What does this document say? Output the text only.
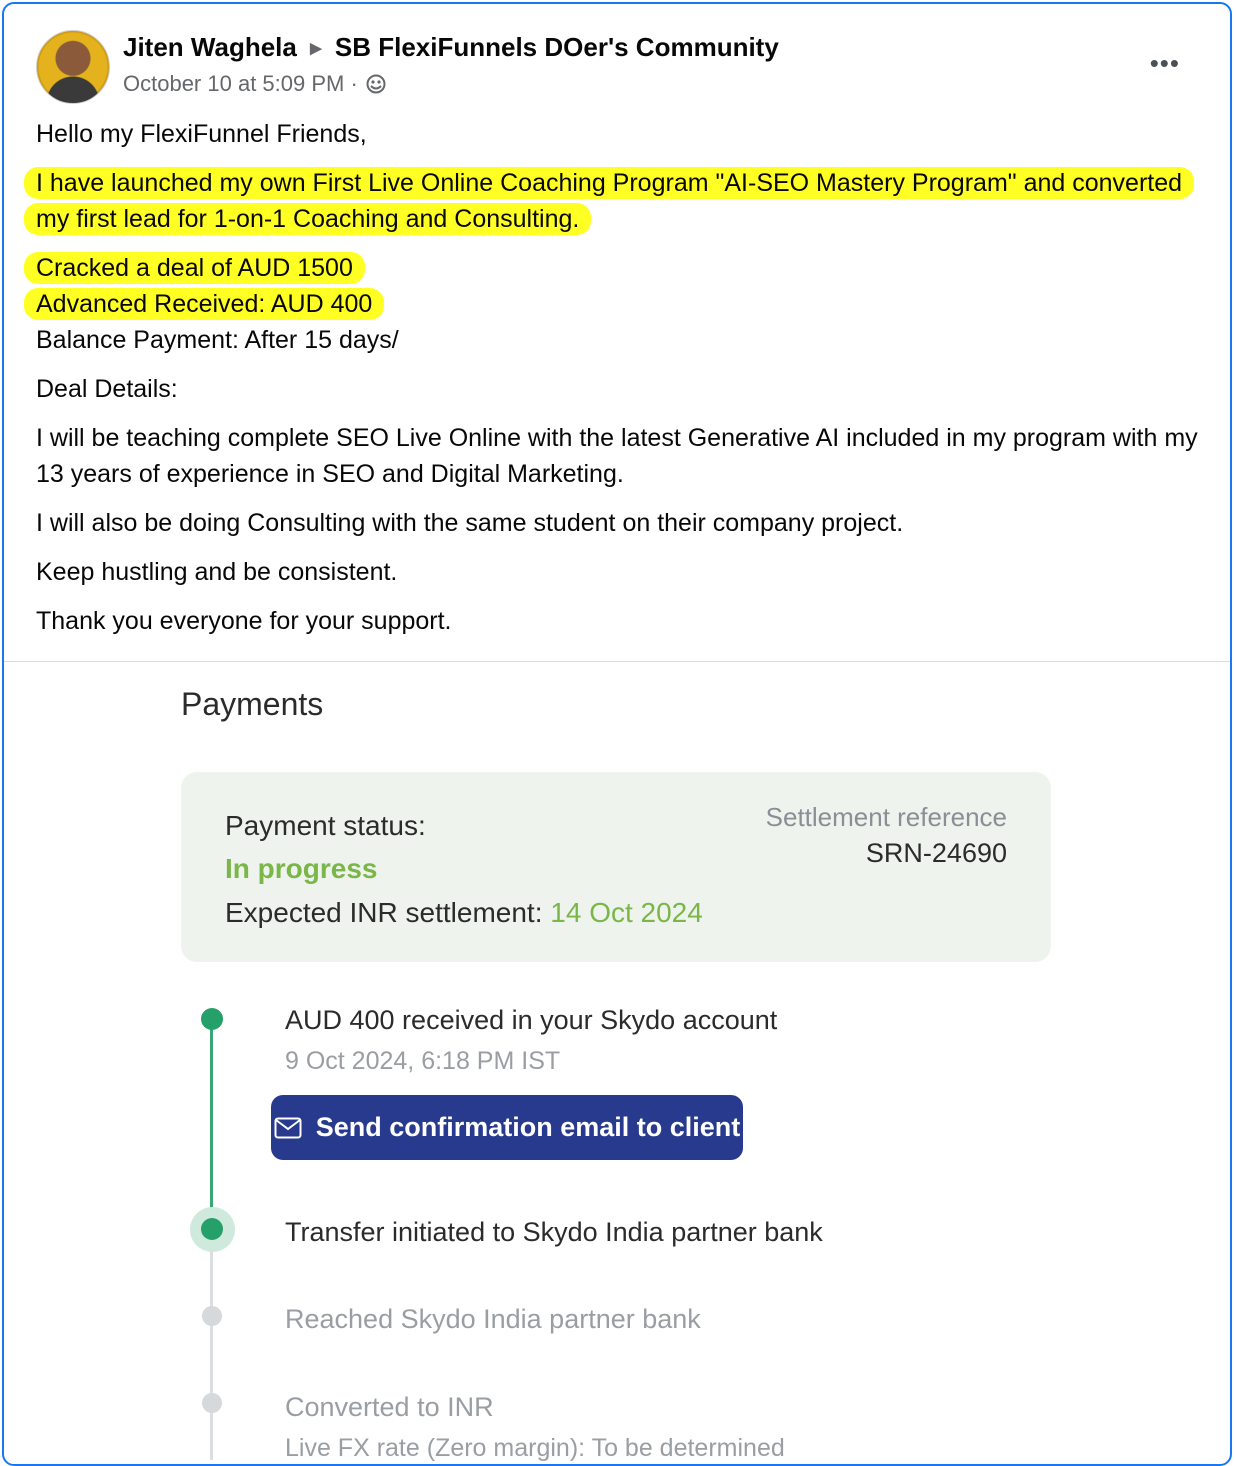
Jiten Waghela ▶ SB FlexiFunnels DOer's Community
October 10 at 5:09 PM ·
•••

Hello my FlexiFunnel Friends,

I have launched my own First Live Online Coaching Program "AI-SEO Mastery Program" and converted my first lead for 1-on-1 Coaching and Consulting.

Cracked a deal of AUD 1500

Advanced Received: AUD 400

Balance Payment: After 15 days/

Deal Details:

I will be teaching complete SEO Live Online with the latest Generative AI included in my program with my 13 years of experience in SEO and Digital Marketing.

I will also be doing Consulting with the same student on their company project.

Keep hustling and be consistent.

Thank you everyone for your support.

Payments
Payment status:
In progress
Expected INR settlement: 14 Oct 2024
Settlement reference
SRN-24690
AUD 400 received in your Skydo account
9 Oct 2024, 6:18 PM IST
Send confirmation email to client
Transfer initiated to Skydo India partner bank
Reached Skydo India partner bank
Converted to INR
Live FX rate (Zero margin): To be determined
